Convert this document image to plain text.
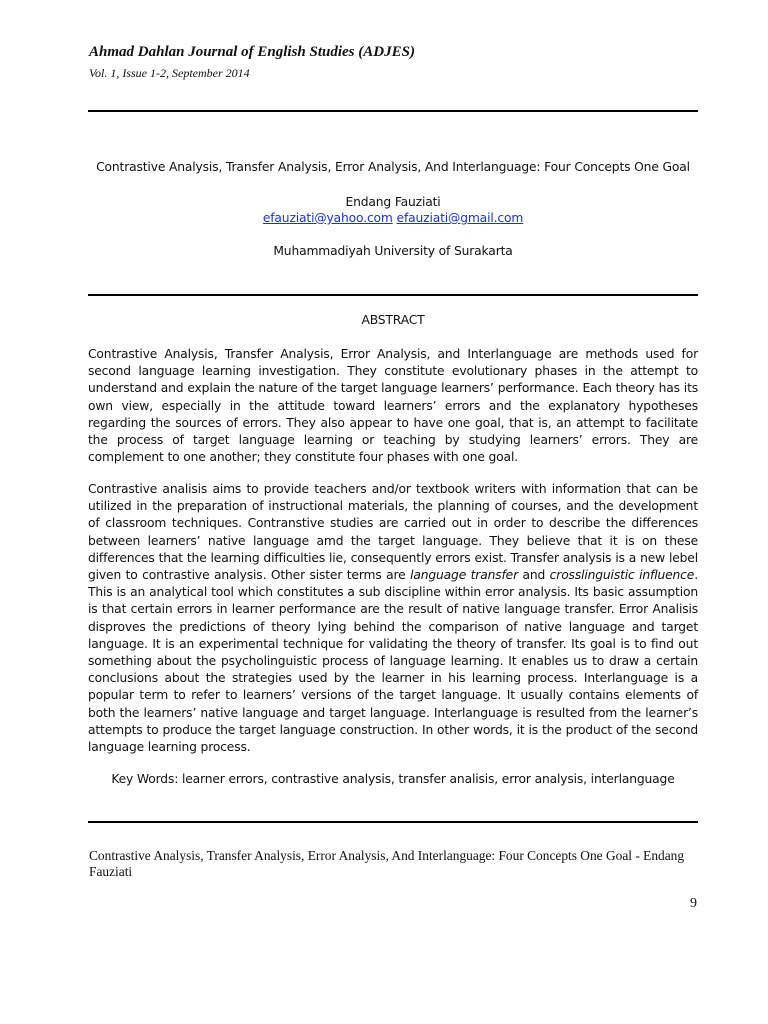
Ahmad Dahlan Journal of English Studies (ADJES)
Vol. 1, Issue 1-2, September 2014
Contrastive Analysis, Transfer Analysis, Error Analysis, And Interlanguage: Four Concepts One Goal
Endang Fauziati
efauziati@yahoo.com efauziati@gmail.com
Muhammadiyah University of Surakarta
ABSTRACT

Contrastive Analysis, Transfer Analysis, Error Analysis, and Interlanguage are methods used for second language learning investigation. They constitute evolutionary phases in the attempt to understand and explain the nature of the target language learners’ performance. Each theory has its own view, especially in the attitude toward learners’ errors and the explanatory hypotheses regarding the sources of errors. They also appear to have one goal, that is, an attempt to facilitate the process of target language learning or teaching by studying learners’ errors. They are complement to one another; they constitute four phases with one goal.

Contrastive analisis aims to provide teachers and/or textbook writers with information that can be utilized in the preparation of instructional materials, the planning of courses, and the development of classroom techniques. Contranstive studies are carried out in order to describe the differences between learners’ native language amd the target language. They believe that it is on these differences that the learning difficulties lie, consequently errors exist. Transfer analysis is a new lebel given to contrastive analysis. Other sister terms are language transfer and crosslinguistic influence. This is an analytical tool which constitutes a sub discipline within error analysis. Its basic assumption is that certain errors in learner performance are the result of native language transfer. Error Analisis disproves the predictions of theory lying behind the comparison of native language and target language. It is an experimental technique for validating the theory of transfer. Its goal is to find out something about the psycholinguistic process of language learning. It enables us to draw a certain conclusions about the strategies used by the learner in his learning process. Interlanguage is a popular term to refer to learners’ versions of the target language. It usually contains elements of both the learners’ native language and target language. Interlanguage is resulted from the learner’s attempts to produce the target language construction. In other words, it is the product of the second language learning process.

Key Words: learner errors, contrastive analysis, transfer analisis, error analysis, interlanguage
Contrastive Analysis, Transfer Analysis, Error Analysis, And Interlanguage: Four Concepts One Goal - Endang Fauziati
9
